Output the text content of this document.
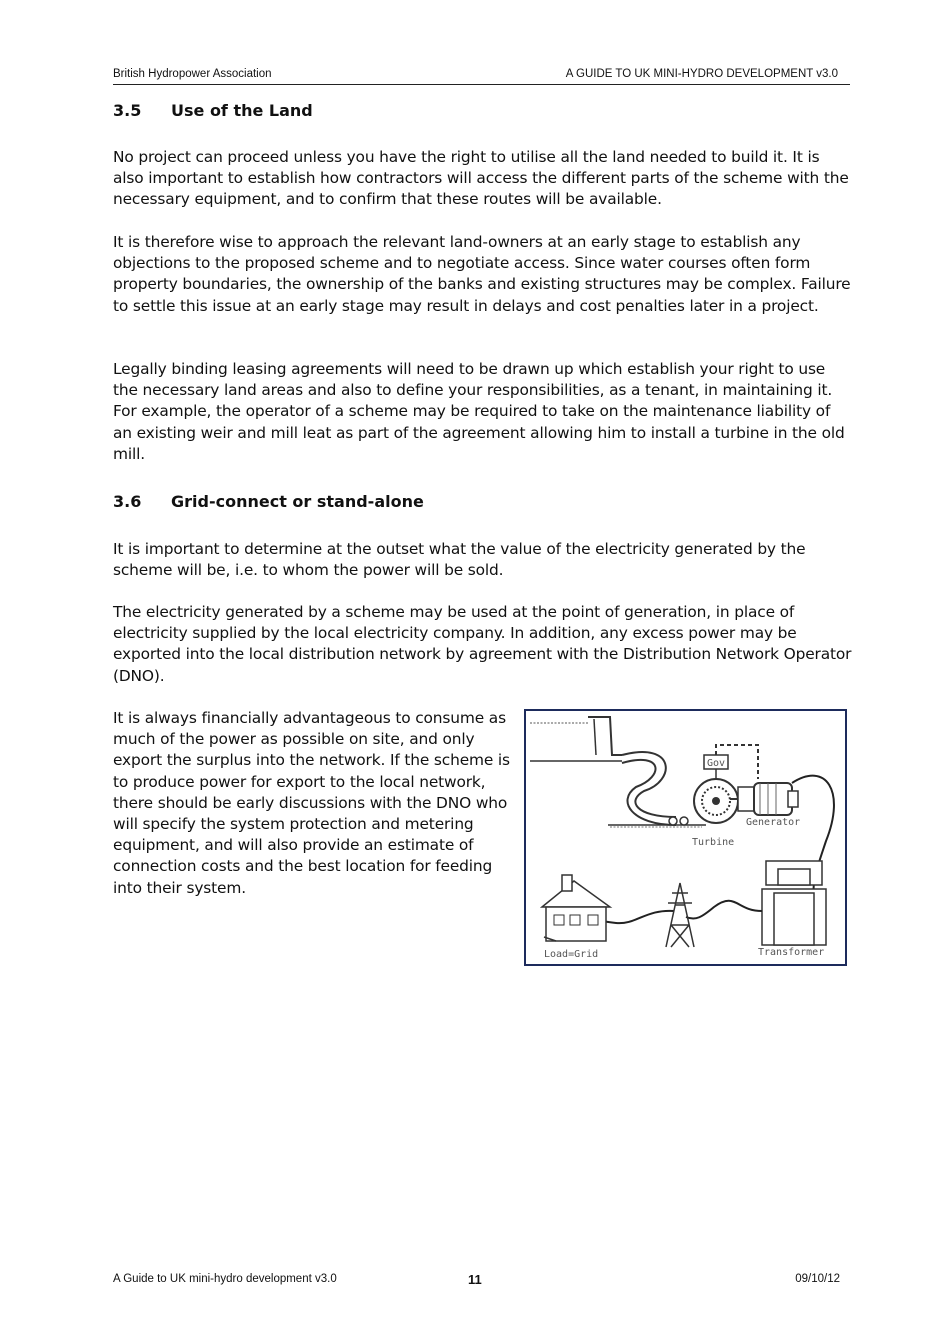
British Hydropower Association	A GUIDE TO UK MINI-HYDRO DEVELOPMENT v3.0
3.5 Use of the Land

No project can proceed unless you have the right to utilise all the land needed to build it. It is also important to establish how contractors will access the different parts of the scheme with the necessary equipment, and to confirm that these routes will be available.

It is therefore wise to approach the relevant land-owners at an early stage to establish any objections to the proposed scheme and to negotiate access. Since water courses often form property boundaries, the ownership of the banks and existing structures may be complex. Failure to settle this issue at an early stage may result in delays and cost penalties later in a project.

Legally binding leasing agreements will need to be drawn up which establish your right to use the necessary land areas and also to define your responsibilities, as a tenant, in maintaining it. For example, the operator of a scheme may be required to take on the maintenance liability of an existing weir and mill leat as part of the agreement allowing him to install a turbine in the old mill.

3.6 Grid-connect or stand-alone

It is important to determine at the outset what the value of the electricity generated by the scheme will be, i.e. to whom the power will be sold.

The electricity generated by a scheme may be used at the point of generation, in place of electricity supplied by the local electricity company. In addition, any excess power may be exported into the local distribution network by agreement with the Distribution Network Operator (DNO).

It is always financially advantageous to consume as much of the power as possible on site, and only export the surplus into the network. If the scheme is to produce power for export to the local network, there should be early discussions with the DNO who will specify the system protection and metering equipment, and will also provide an estimate of connection costs and the best location for feeding into their system.

Gov
Generator
Turbine
Transformer
Load=Grid
A Guide to UK mini-hydro development v3.0	11	09/10/12
